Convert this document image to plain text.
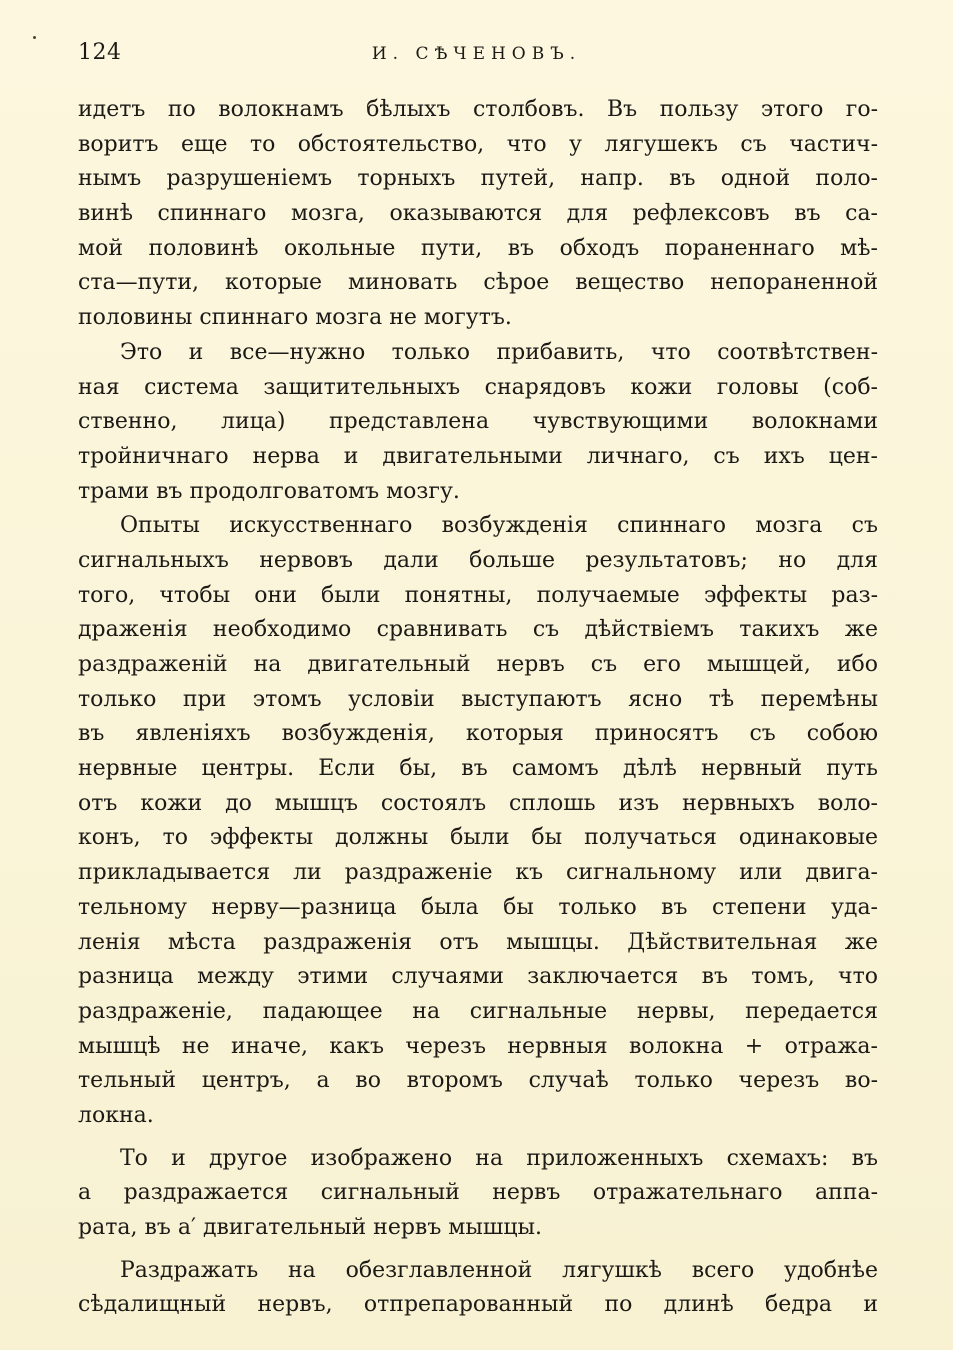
124	И. СѢЧЕНОВЪ.
идетъ по волокнамъ бѣлыхъ столбовъ. Въ пользу этого го-
воритъ еще то обстоятельство, что у лягушекъ съ частич-
нымъ разрушеніемъ торныхъ путей, напр. въ одной поло-
винѣ спиннаго мозга, оказываются для рефлексовъ въ са-
мой половинѣ окольные пути, въ обходъ пораненнаго мѣ-
ста—пути, которые миновать сѣрое вещество непораненной
половины спиннаго мозга не могутъ.
Это и все—нужно только прибавить, что соотвѣтствен-
ная система защитительныхъ снарядовъ кожи головы (соб-
ственно, лица) представлена чувствующими волокнами
тройничнаго нерва и двигательными личнаго, съ ихъ цен-
трами въ продолговатомъ мозгу.
Опыты искусственнаго возбужденія спиннаго мозга съ
сигнальныхъ нервовъ дали больше результатовъ; но для
того, чтобы они были понятны, получаемые эффекты раз-
драженія необходимо сравнивать съ дѣйствіемъ такихъ же
раздраженій на двигательный нервъ съ его мышцей, ибо
только при этомъ условіи выступаютъ ясно тѣ перемѣны
въ явленіяхъ возбужденія, которыя приносятъ съ собою
нервные центры. Если бы, въ самомъ дѣлѣ нервный путь
отъ кожи до мышцъ состоялъ сплошь изъ нервныхъ воло-
конъ, то эффекты должны были бы получаться одинаковые
прикладывается ли раздраженіе къ сигнальному или двига-
тельному нерву—разница была бы только въ степени уда-
ленія мѣста раздраженія отъ мышцы. Дѣйствительная же
разница между этими случаями заключается въ томъ, что
раздраженіе, падающее на сигнальные нервы, передается
мышцѣ не иначе, какъ черезъ нервныя волокна + отража-
тельный центръ, а во второмъ случаѣ только черезъ во-
локна.
То и другое изображено на приложенныхъ схемахъ: въ
a раздражается сигнальный нервъ отражательнаго аппа-
рата, въ a′ двигательный нервъ мышцы.
Раздражать на обезглавленной лягушкѣ всего удобнѣе
сѣдалищный нервъ, отпрепарованный по длинѣ бедра и
